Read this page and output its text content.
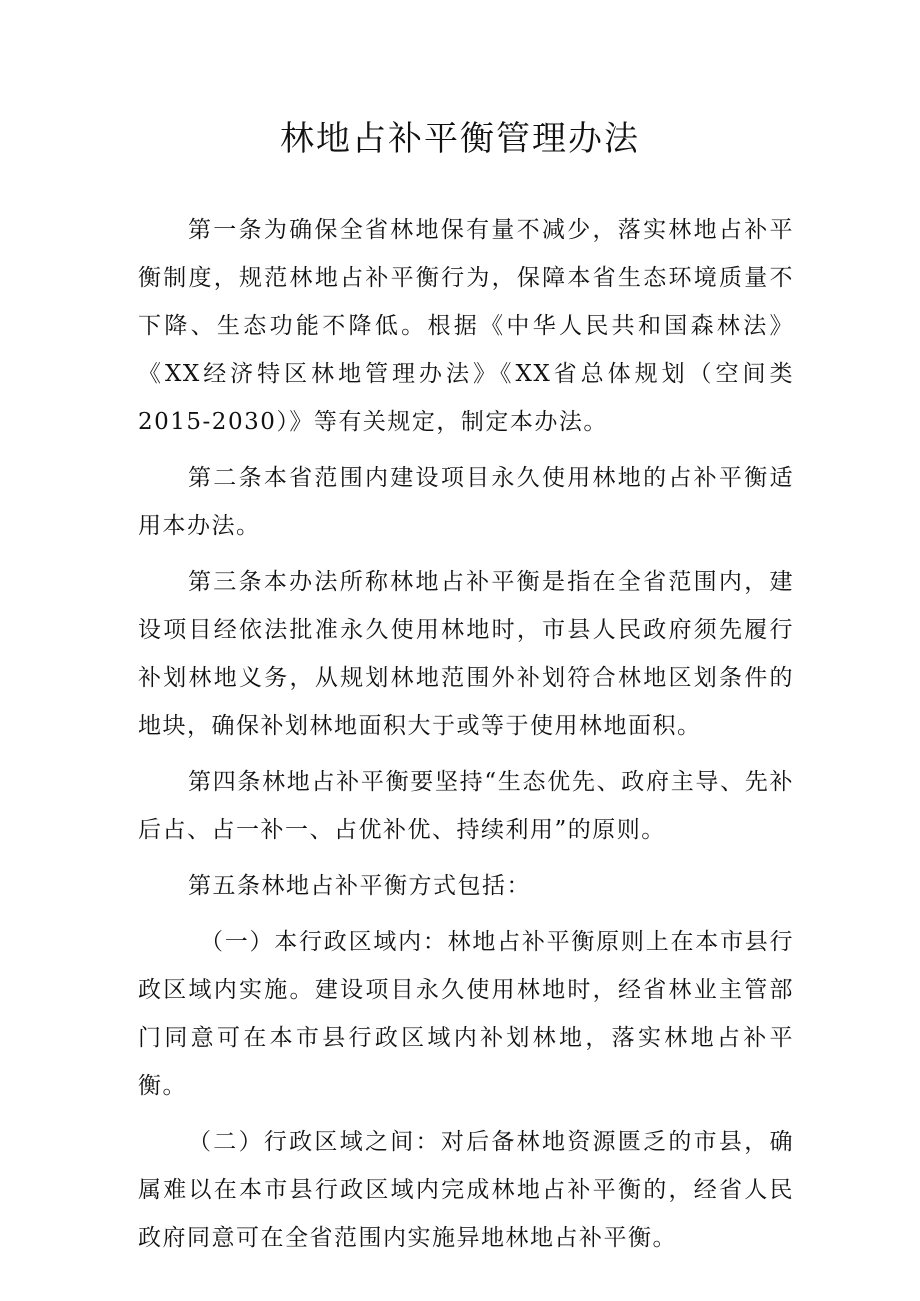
林地占补平衡管理办法

第一条为确保全省林地保有量不减少，落实林地占补平衡制度，规范林地占补平衡行为，保障本省生态环境质量不下降、生态功能不降低。根据《中华人民共和国森林法》《XX经济特区林地管理办法》《XX省总体规划（空间类2015-2030）》等有关规定，制定本办法。

第二条本省范围内建设项目永久使用林地的占补平衡适用本办法。

第三条本办法所称林地占补平衡是指在全省范围内，建设项目经依法批准永久使用林地时，市县人民政府须先履行补划林地义务，从规划林地范围外补划符合林地区划条件的地块，确保补划林地面积大于或等于使用林地面积。

第四条林地占补平衡要坚持“生态优先、政府主导、先补后占、占一补一、占优补优、持续利用”的原则。

第五条林地占补平衡方式包括：

（一）本行政区域内：林地占补平衡原则上在本市县行政区域内实施。建设项目永久使用林地时，经省林业主管部门同意可在本市县行政区域内补划林地，落实林地占补平衡。

（二）行政区域之间：对后备林地资源匮乏的市县，确属难以在本市县行政区域内完成林地占补平衡的，经省人民政府同意可在全省范围内实施异地林地占补平衡。
